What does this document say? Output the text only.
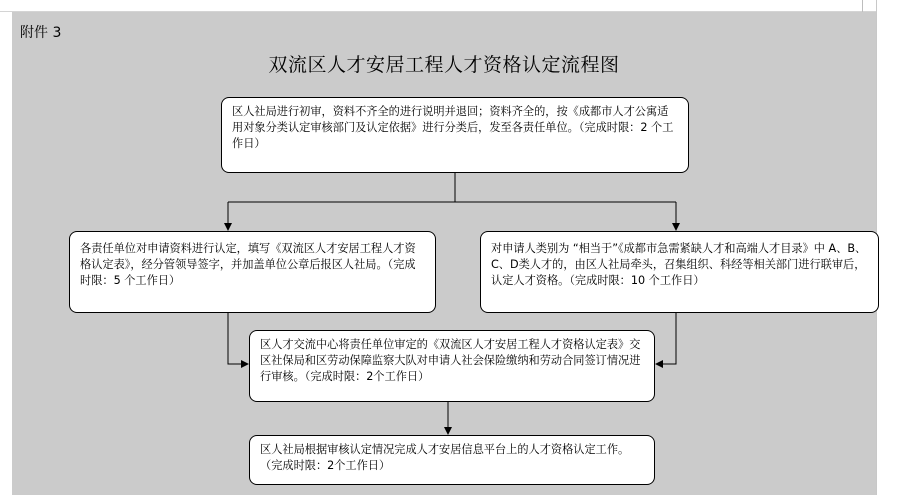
附件 3
双流区人才安居工程人才资格认定流程图
区人社局进行初审，资料不齐全的进行说明并退回；资料齐全的，按《成都市人才公寓适用对象分类认定审核部门及认定依据》进行分类后，发至各责任单位。（完成时限：2 个工作日）
各责任单位对申请资料进行认定，填写《双流区人才安居工程人才资格认定表》，经分管领导签字，并加盖单位公章后报区人社局。（完成时限：5 个工作日）
对申请人类别为 “相当于”《成都市急需紧缺人才和高端人才目录》中 A、B、C、D类人才的，由区人社局牵头，召集组织、科经等相关部门进行联审后，认定人才资格。（完成时限：10 个工作日）
区人才交流中心将责任单位审定的《双流区人才安居工程人才资格认定表》交区社保局和区劳动保障监察大队对申请人社会保险缴纳和劳动合同签订情况进行审核。（完成时限：2个工作日）
区人社局根据审核认定情况完成人才安居信息平台上的人才资格认定工作。（完成时限：2个工作日）
